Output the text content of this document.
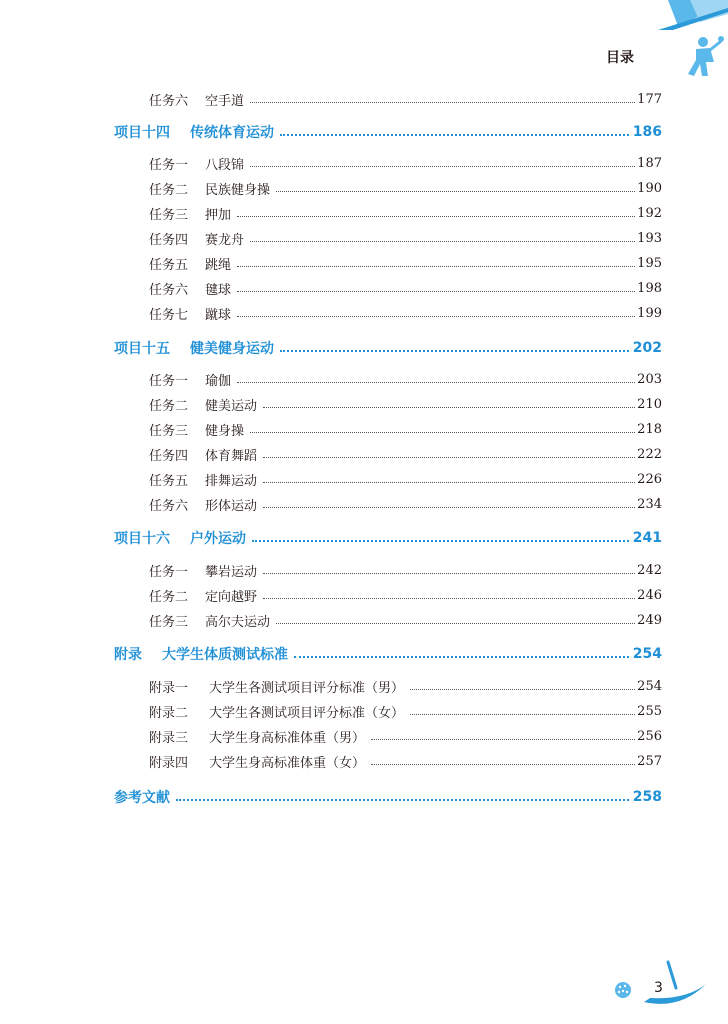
目录
任务六 空手道	177
项目十四 传统体育运动	186
任务一 八段锦	187
任务二 民族健身操	190
任务三 押加	192
任务四 赛龙舟	193
任务五 跳绳	195
任务六 毽球	198
任务七 蹴球	199
项目十五 健美健身运动	202
任务一 瑜伽	203
任务二 健美运动	210
任务三 健身操	218
任务四 体育舞蹈	222
任务五 排舞运动	226
任务六 形体运动	234
项目十六 户外运动	241
任务一 攀岩运动	242
任务二 定向越野	246
任务三 高尔夫运动	249
附录 大学生体质测试标准	254
附录一 大学生各测试项目评分标准（男）	254
附录二 大学生各测试项目评分标准（女）	255
附录三 大学生身高标准体重（男）	256
附录四 大学生身高标准体重（女）	257
参考文献	258
3
